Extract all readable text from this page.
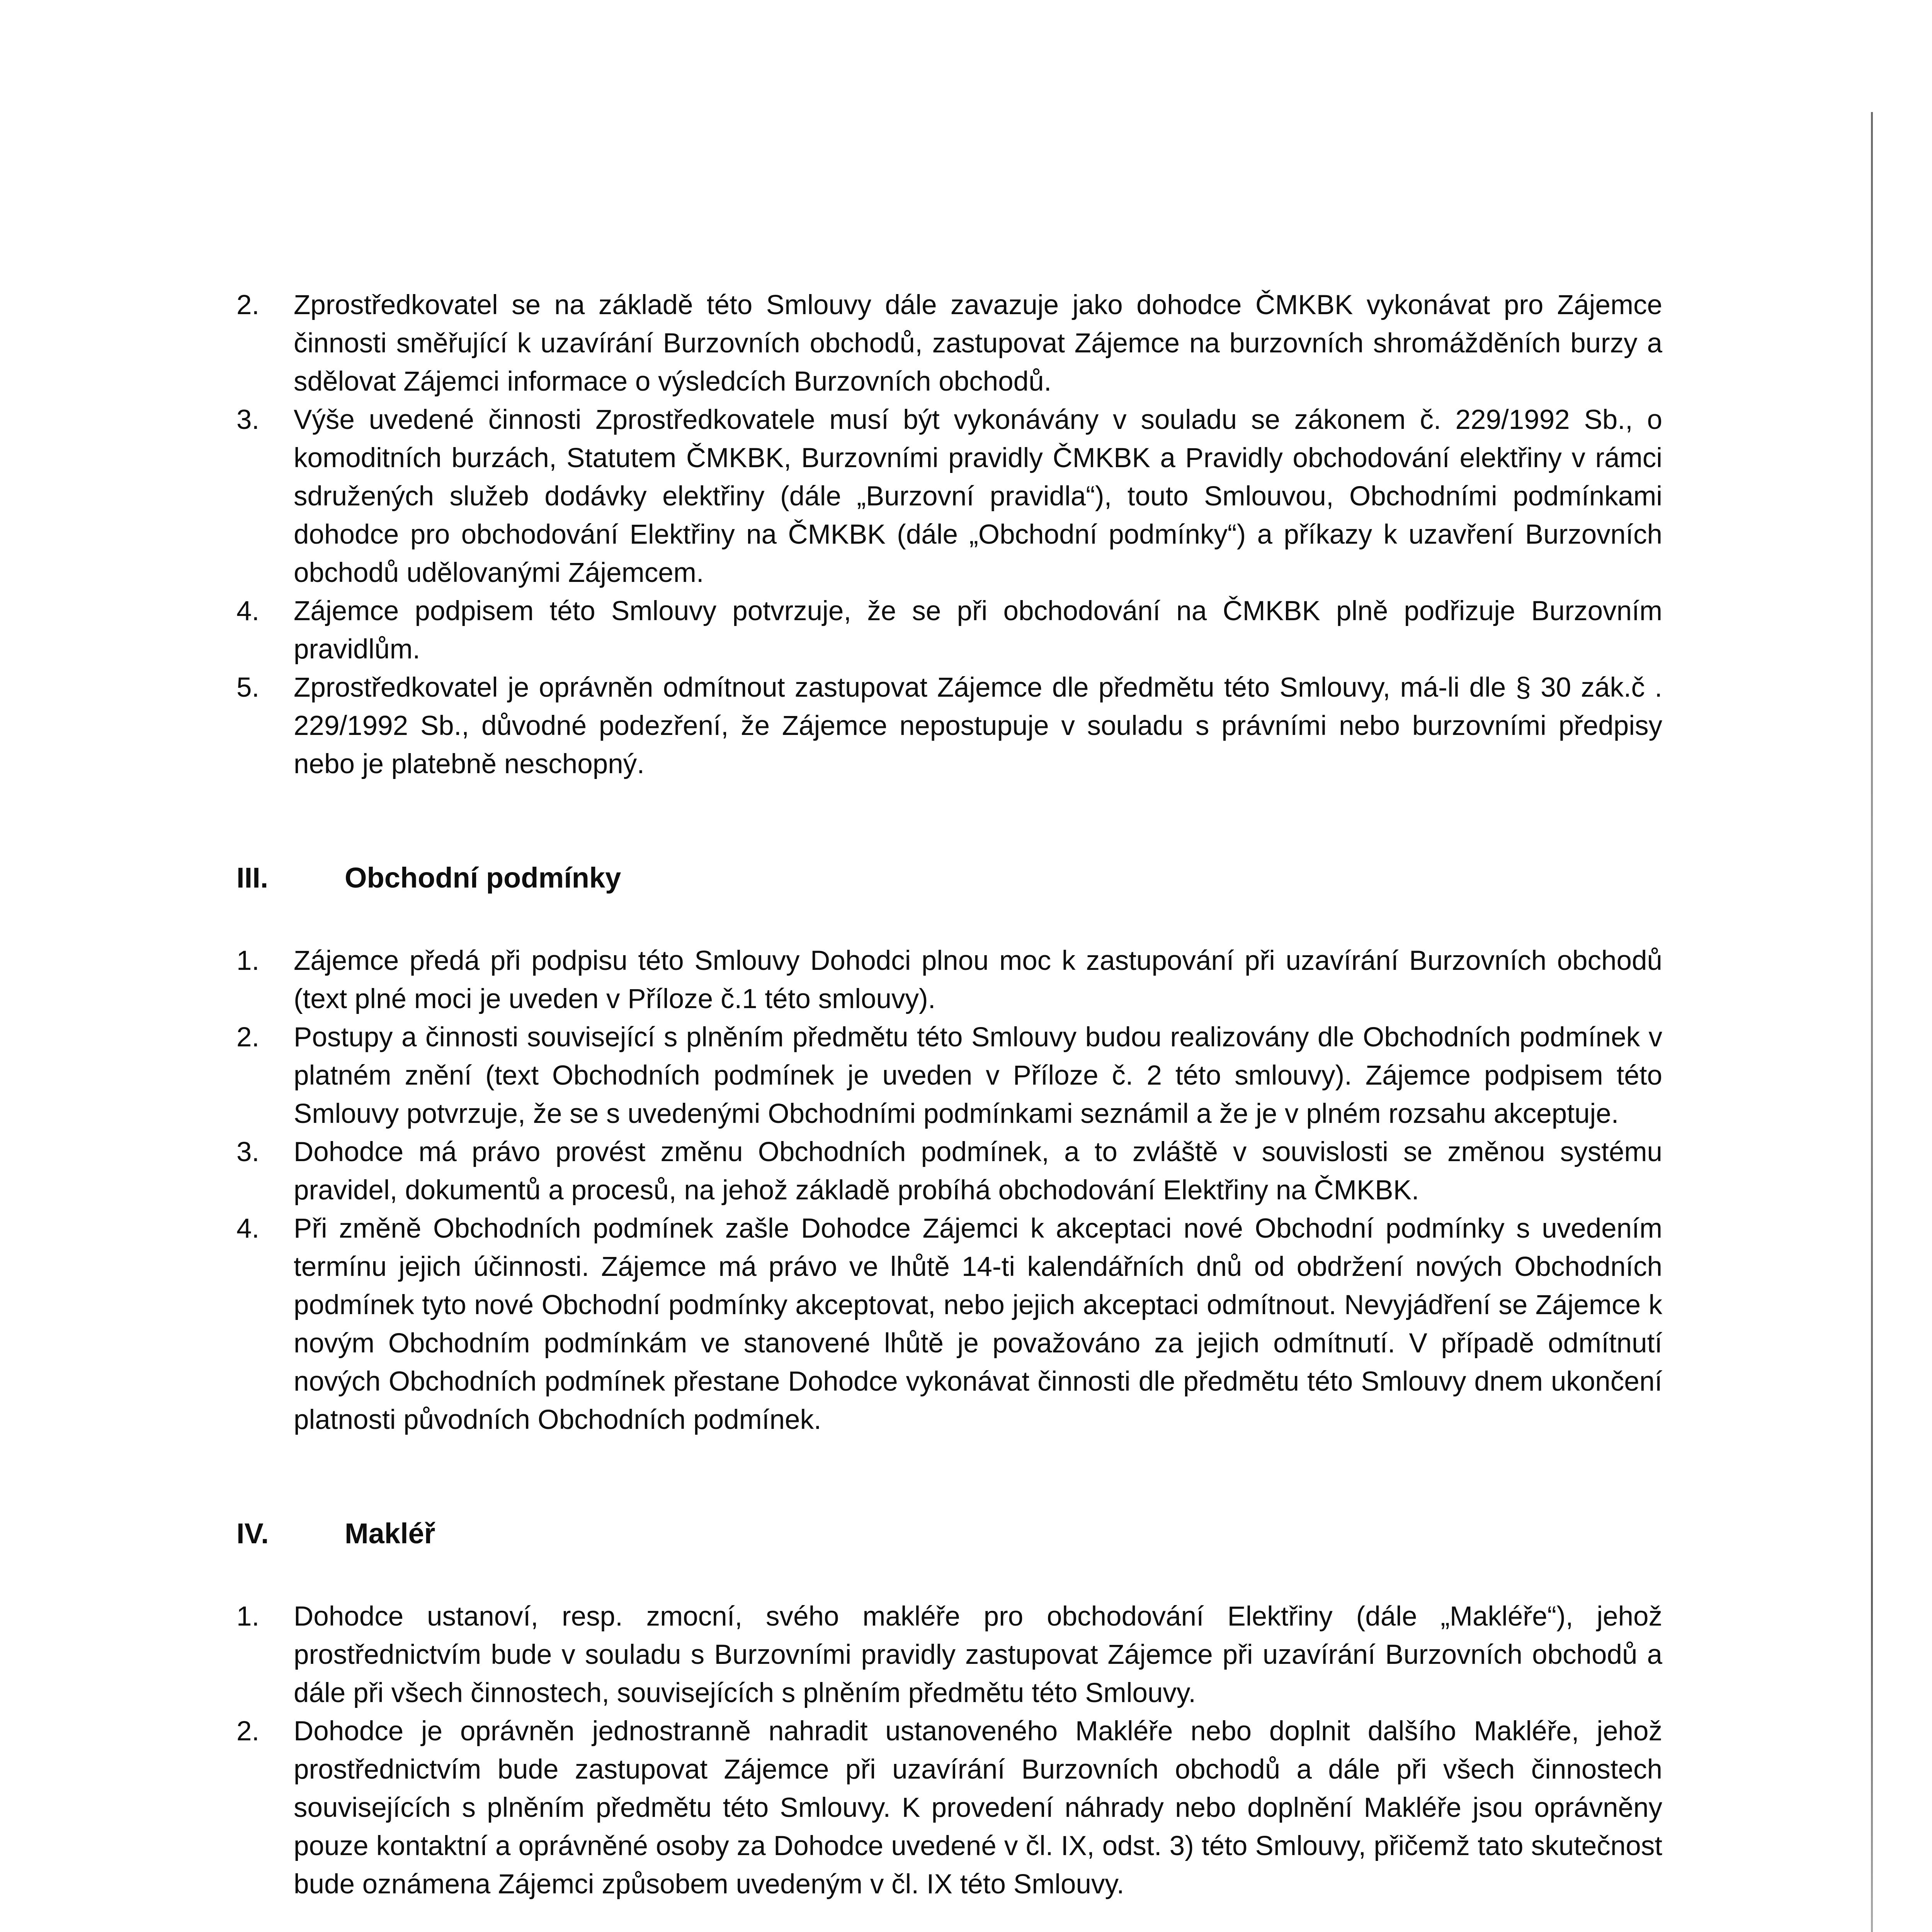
2. Zprostředkovatel se na základě této Smlouvy dále zavazuje jako dohodce ČMKBK vykonávat pro Zájemce činnosti směřující k uzavírání Burzovních obchodů, zastupovat Zájemce na burzovních shromážděních burzy a sdělovat Zájemci informace o výsledcích Burzovních obchodů.
3. Výše uvedené činnosti Zprostředkovatele musí být vykonávány v souladu se zákonem č. 229/1992 Sb., o komoditních burzách, Statutem ČMKBK, Burzovními pravidly ČMKBK a Pravidly obchodování elektřiny v rámci sdružených služeb dodávky elektřiny (dále „Burzovní pravidla“), touto Smlouvou, Obchodními podmínkami dohodce pro obchodování Elektřiny na ČMKBK (dále „Obchodní podmínky“) a příkazy k uzavření Burzovních obchodů udělovanými Zájemcem.
4. Zájemce podpisem této Smlouvy potvrzuje, že se při obchodování na ČMKBK plně podřizuje Burzovním pravidlům.
5. Zprostředkovatel je oprávněn odmítnout zastupovat Zájemce dle předmětu této Smlouvy, má-li dle § 30 zák.č . 229/1992 Sb., důvodné podezření, že Zájemce nepostupuje v souladu s právními nebo burzovními předpisy nebo je platebně neschopný.
III.	Obchodní podmínky
1. Zájemce předá při podpisu této Smlouvy Dohodci plnou moc k zastupování při uzavírání Burzovních obchodů (text plné moci je uveden v Příloze č.1 této smlouvy).
2. Postupy a činnosti související s plněním předmětu této Smlouvy budou realizovány dle Obchodních podmínek v platném znění (text Obchodních podmínek je uveden v Příloze č. 2 této smlouvy). Zájemce podpisem této Smlouvy potvrzuje, že se s uvedenými Obchodními podmínkami seznámil a že je v plném rozsahu akceptuje.
3. Dohodce má právo provést změnu Obchodních podmínek, a to zvláště v souvislosti se změnou systému pravidel, dokumentů a procesů, na jehož základě probíhá obchodování Elektřiny na ČMKBK.
4. Při změně Obchodních podmínek zašle Dohodce Zájemci k akceptaci nové Obchodní podmínky s uvedením termínu jejich účinnosti. Zájemce má právo ve lhůtě 14-ti kalendářních dnů od obdržení nových Obchodních podmínek tyto nové Obchodní podmínky akceptovat, nebo jejich akceptaci odmítnout. Nevyjádření se Zájemce k novým Obchodním podmínkám ve stanovené lhůtě je považováno za jejich odmítnutí. V případě odmítnutí nových Obchodních podmínek přestane Dohodce vykonávat činnosti dle předmětu této Smlouvy dnem ukončení platnosti původních Obchodních podmínek.
IV.	Makléř
1. Dohodce ustanoví, resp. zmocní, svého makléře pro obchodování Elektřiny (dále „Makléře“), jehož prostřednictvím bude v souladu s Burzovními pravidly zastupovat Zájemce při uzavírání Burzovních obchodů a dále při všech činnostech, souvisejících s plněním předmětu této Smlouvy.
2. Dohodce je oprávněn jednostranně nahradit ustanoveného Makléře nebo doplnit dalšího Makléře, jehož prostřednictvím bude zastupovat Zájemce při uzavírání Burzovních obchodů a dále při všech činnostech souvisejících s plněním předmětu této Smlouvy. K provedení náhrady nebo doplnění Makléře jsou oprávněny pouze kontaktní a oprávněné osoby za Dohodce uvedené v čl. IX, odst. 3) této Smlouvy, přičemž tato skutečnost bude oznámena Zájemci způsobem uvedeným v čl. IX této Smlouvy.
